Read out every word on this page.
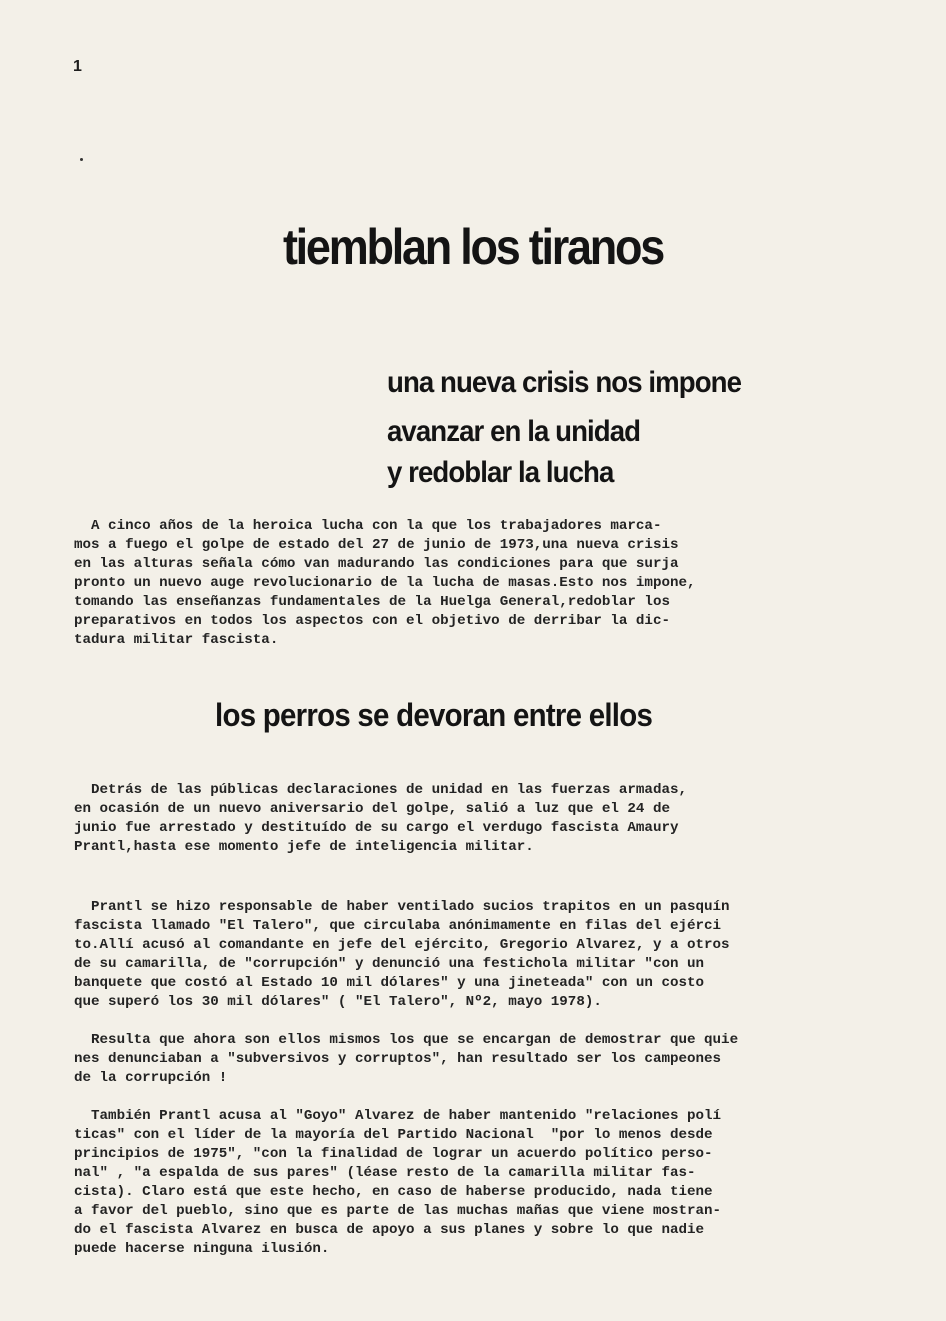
1
tiemblan los tiranos
una nueva crisis nos impone
avanzar en la unidad
y redoblar la lucha

A cinco años de la heroica lucha con la que los trabajadores marca-
mos a fuego el golpe de estado del 27 de junio de 1973,una nueva crisis
en las alturas señala cómo van madurando las condiciones para que surja
pronto un nuevo auge revolucionario de la lucha de masas.Esto nos impone,
tomando las enseñanzas fundamentales de la Huelga General,redoblar los
preparativos en todos los aspectos con el objetivo de derribar la dic-
tadura militar fascista.

los perros se devoran entre ellos

Detrás de las públicas declaraciones de unidad en las fuerzas armadas,
en ocasión de un nuevo aniversario del golpe, salió a luz que el 24 de
junio fue arrestado y destituído de su cargo el verdugo fascista Amaury
Prantl,hasta ese momento jefe de inteligencia militar.

Prantl se hizo responsable de haber ventilado sucios trapitos en un pasquín
fascista llamado "El Talero", que circulaba anónimamente en filas del ejérci
to.Allí acusó al comandante en jefe del ejército, Gregorio Alvarez, y a otros
de su camarilla, de "corrupción" y denunció una festichola militar "con un
banquete que costó al Estado 10 mil dólares" y una jineteada" con un costo
que superó los 30 mil dólares" ( "El Talero", Nº2, mayo 1978).

Resulta que ahora son ellos mismos los que se encargan de demostrar que quie
nes denunciaban a "subversivos y corruptos", han resultado ser los campeones
de la corrupción !

También Prantl acusa al "Goyo" Alvarez de haber mantenido "relaciones polí
ticas" con el líder de la mayoría del Partido Nacional  "por lo menos desde
principios de 1975", "con la finalidad de lograr un acuerdo político perso-
nal" , "a espalda de sus pares" (léase resto de la camarilla militar fas-
cista). Claro está que este hecho, en caso de haberse producido, nada tiene
a favor del pueblo, sino que es parte de las muchas mañas que viene mostran-
do el fascista Alvarez en busca de apoyo a sus planes y sobre lo que nadie
puede hacerse ninguna ilusión.
